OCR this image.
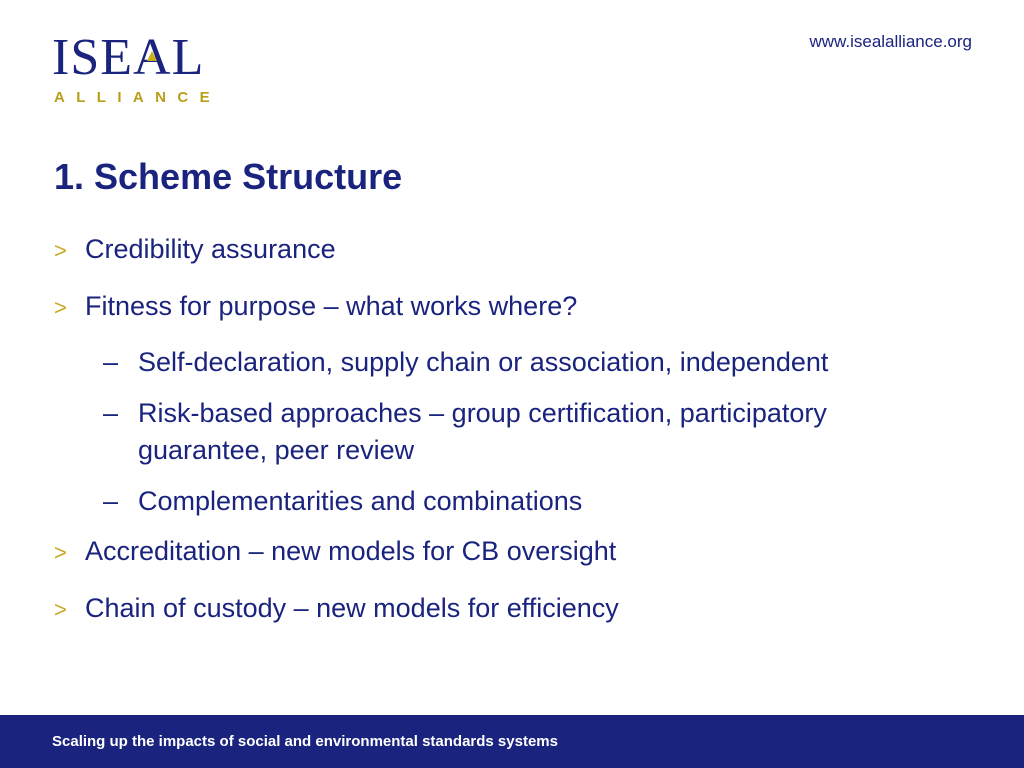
ISEA
L
ALLIANCE
www.isealalliance.org
1. Scheme Structure
> Credibility assurance
> Fitness for purpose – what works where?
– Self-declaration, supply chain or association, independent
– Risk-based approaches – group certification, participatory guarantee, peer review
– Complementarities and combinations
> Accreditation – new models for CB oversight
> Chain of custody – new models for efficiency
Scaling up the impacts of social and environmental standards systems
